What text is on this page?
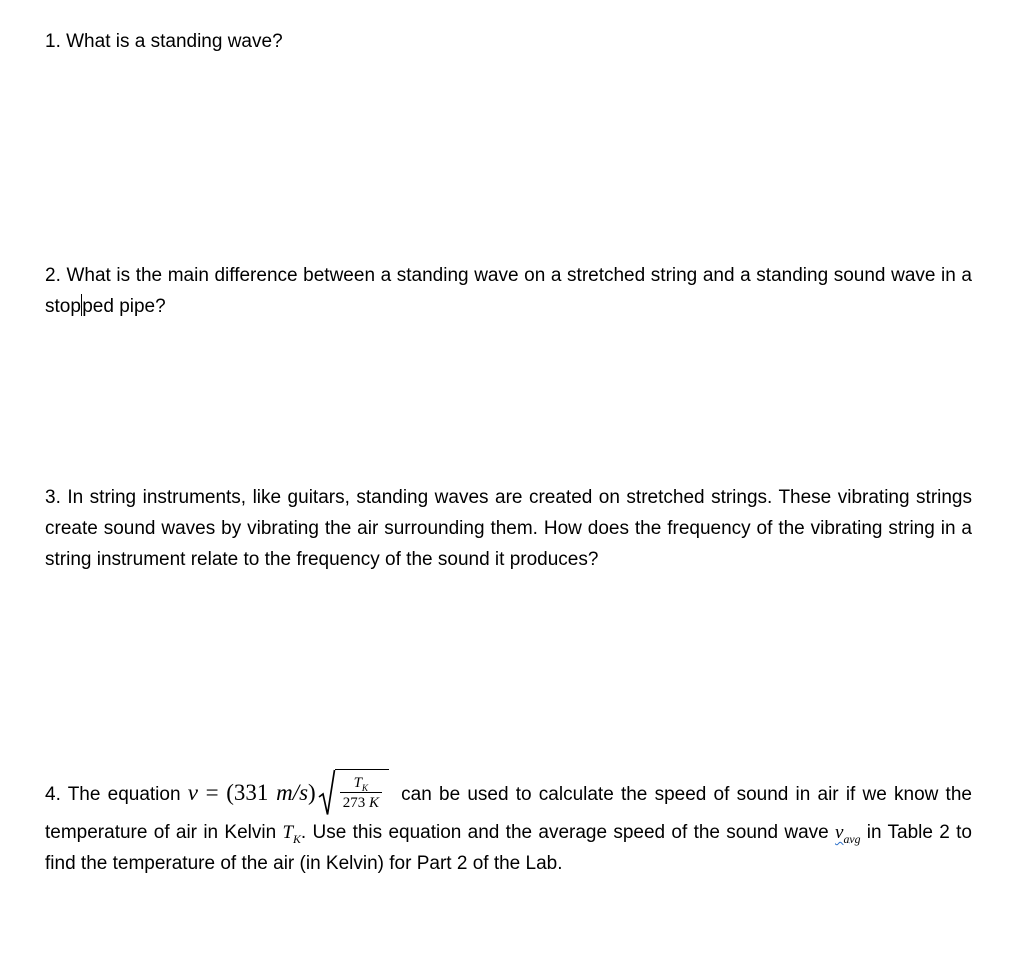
1. What is a standing wave?

2. What is the main difference between a standing wave on a stretched string and a standing sound wave in a stopped pipe?

3. In string instruments, like guitars, standing waves are created on stretched strings. These vibrating strings create sound waves by vibrating the air surrounding them. How does the frequency of the vibrating string in a string instrument relate to the frequency of the sound it produces?

4. The equation v = (331 m/s)	$T_K$
273 K can be used to calculate the speed of sound in air if we know the temperature of air in Kelvin $T_K$. Use this equation and the average speed of the sound wave $v_{avg}$ in Table 2 to find the temperature of the air (in Kelvin) for Part 2 of the Lab.
